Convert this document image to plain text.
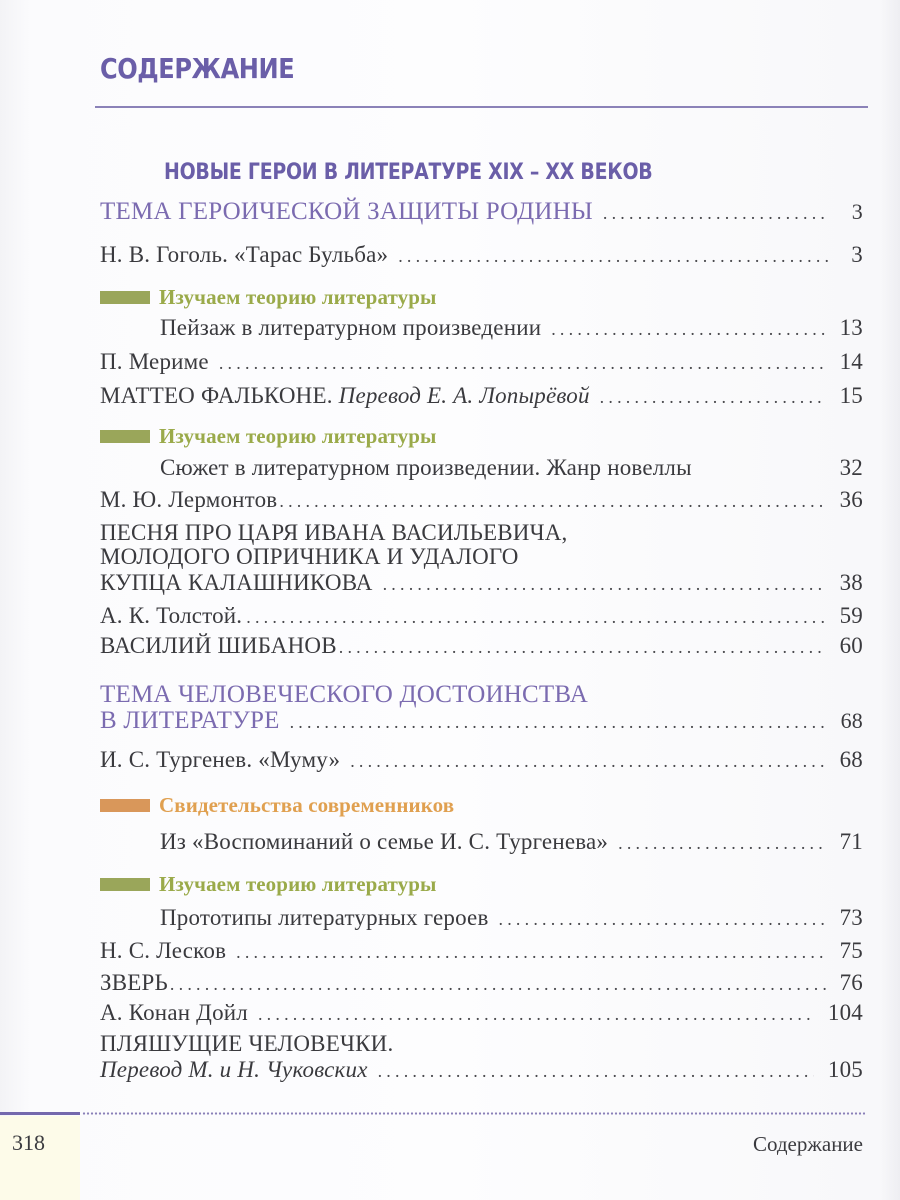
СОДЕРЖАНИЕ
НОВЫЕ ГЕРОИ В ЛИТЕРАТУРЕ XIX – XX ВЕКОВ
ТЕМА ГЕРОИЧЕСКОЙ ЗАЩИТЫ РОДИНЫ .....	3
Н. В. Гоголь. «Тарас Бульба» .....	3
Изучаем теорию литературы
Пейзаж в литературном произведении .....	13
П. Мериме .....	14
МАТТЕО ФАЛЬКОНЕ. Перевод Е. А. Лопырёвой .....	15
Изучаем теорию литературы
Сюжет в литературном произведении. Жанр новеллы	32
М. Ю. Лермонтов .....	36
ПЕСНЯ ПРО ЦАРЯ ИВАНА ВАСИЛЬЕВИЧА,
МОЛОДОГО ОПРИЧНИКА И УДАЛОГО
КУПЦА КАЛАШНИКОВА .....	38
А. К. Толстой. .....	59
ВАСИЛИЙ ШИБАНОВ .....	60
ТЕМА ЧЕЛОВЕЧЕСКОГО ДОСТОИНСТВА
В ЛИТЕРАТУРЕ .....	68
И. С. Тургенев. «Муму» .....	68
Свидетельства современников
Из «Воспоминаний о семье И. С. Тургенева» .....	71
Изучаем теорию литературы
Прототипы литературных героев .....	73
Н. С. Лесков .....	75
ЗВЕРЬ .....	76
А. Конан Дойл .....	104
ПЛЯШУЩИЕ ЧЕЛОВЕЧКИ.
Перевод М. и Н. Чуковских .....	105
318	Содержание
